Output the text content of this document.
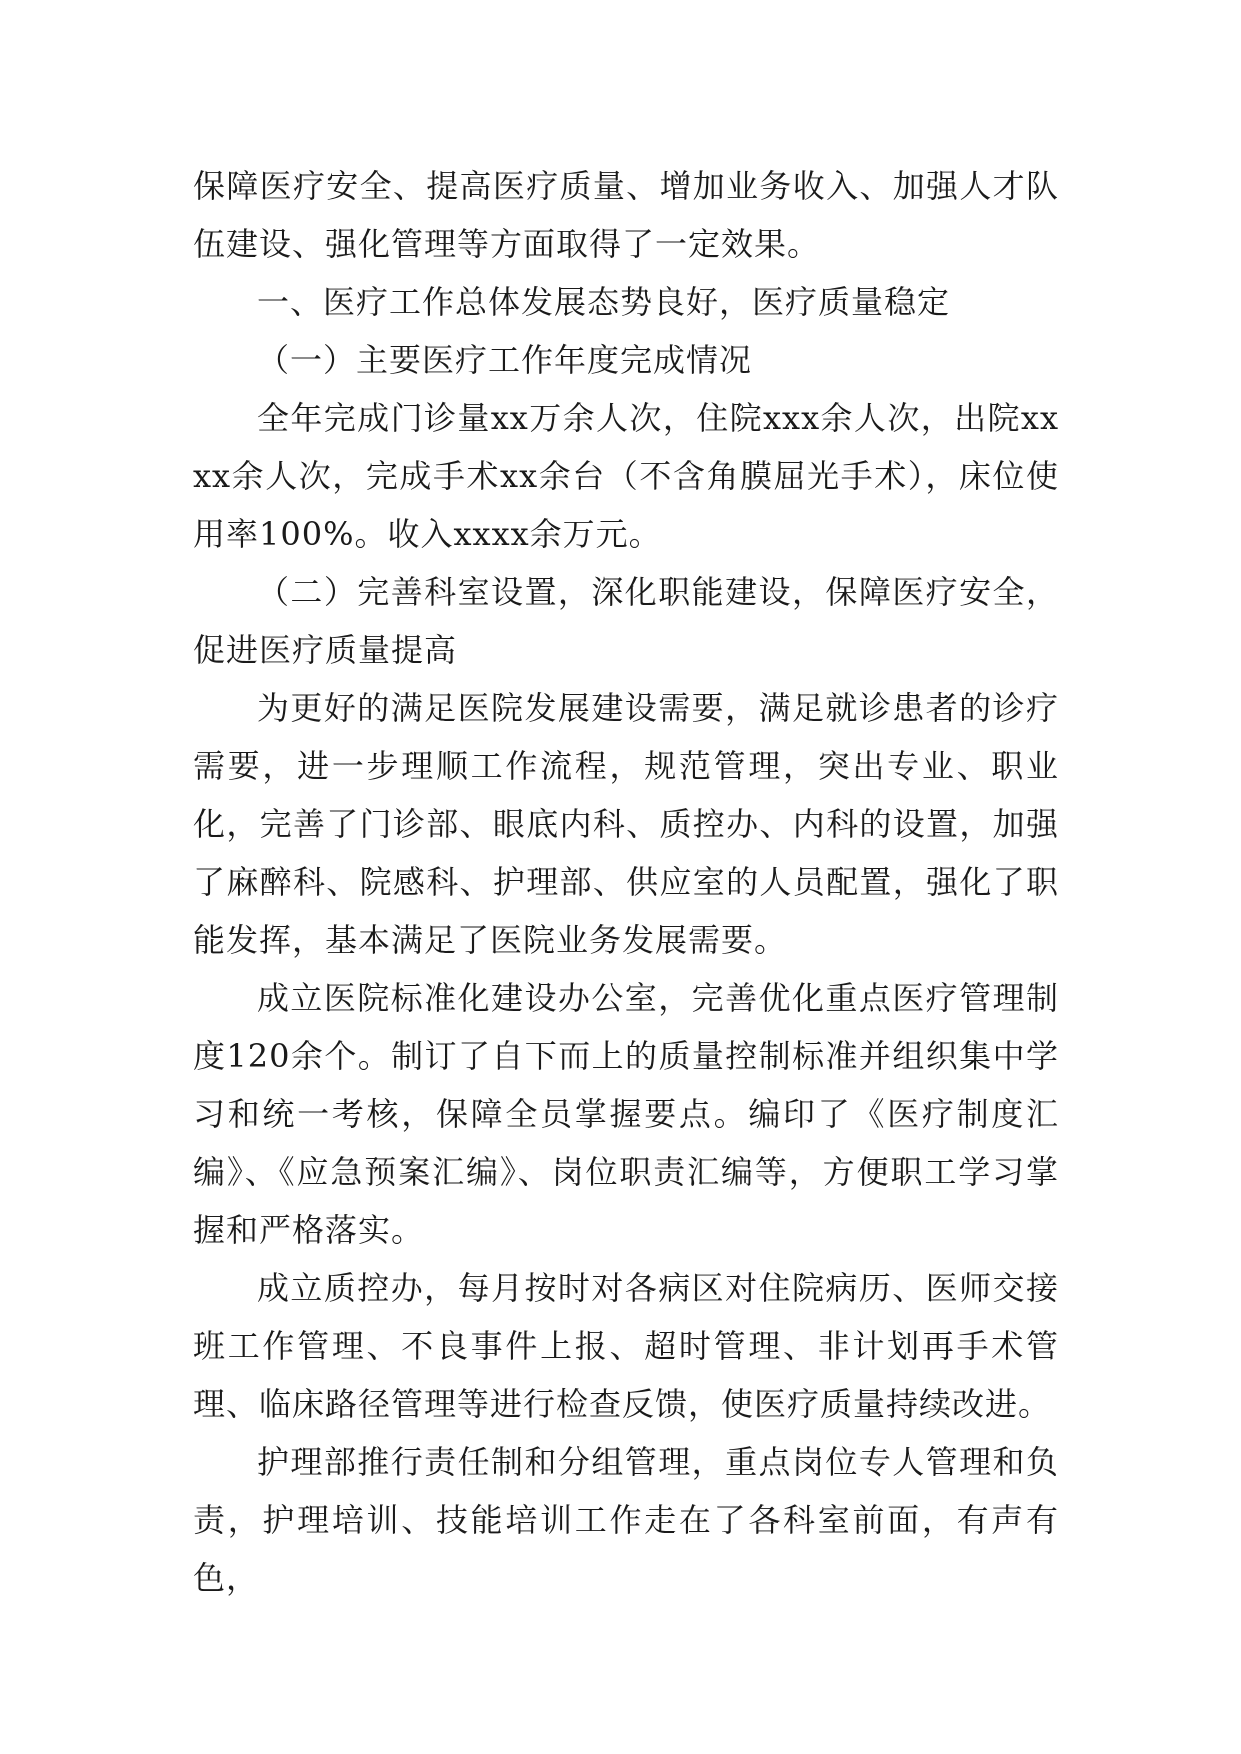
保障医疗安全、提高医疗质量、增加业务收入、加强人才队伍建设、强化管理等方面取得了一定效果。

一、医疗工作总体发展态势良好，医疗质量稳定

（一）主要医疗工作年度完成情况

全年完成门诊量xx万余人次，住院xxx余人次，出院xxxx余人次，完成手术xx余台（不含角膜屈光手术），床位使用率100%。收入xxxx余万元。

（二）完善科室设置，深化职能建设，保障医疗安全，促进医疗质量提高

为更好的满足医院发展建设需要，满足就诊患者的诊疗需要，进一步理顺工作流程，规范管理，突出专业、职业化，完善了门诊部、眼底内科、质控办、内科的设置，加强了麻醉科、院感科、护理部、供应室的人员配置，强化了职能发挥，基本满足了医院业务发展需要。

成立医院标准化建设办公室，完善优化重点医疗管理制度120余个。制订了自下而上的质量控制标准并组织集中学习和统一考核，保障全员掌握要点。编印了《医疗制度汇编》、《应急预案汇编》、岗位职责汇编等，方便职工学习掌握和严格落实。

成立质控办，每月按时对各病区对住院病历、医师交接班工作管理、不良事件上报、超时管理、非计划再手术管理、临床路径管理等进行检查反馈，使医疗质量持续改进。

护理部推行责任制和分组管理，重点岗位专人管理和负责，护理培训、技能培训工作走在了各科室前面，有声有色，
